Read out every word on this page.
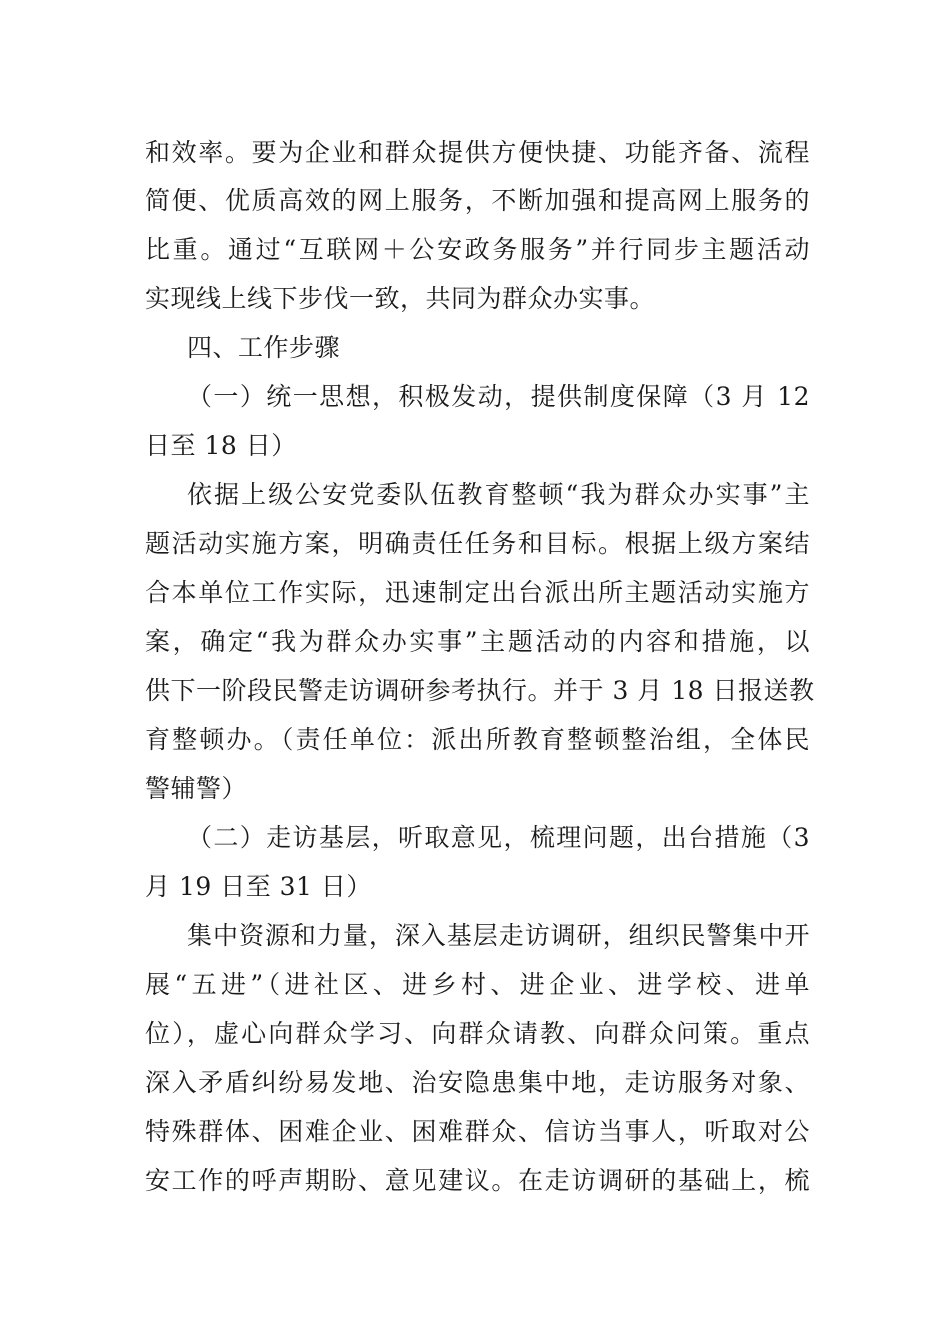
和效率。要为企业和群众提供方便快捷、功能齐备、流程
简便、优质高效的网上服务，不断加强和提高网上服务的
比重。通过“互联网＋公安政务服务”并行同步主题活动
实现线上线下步伐一致，共同为群众办实事。
四、工作步骤
（一）统一思想，积极发动，提供制度保障（3 月 12
日至 18 日）
依据上级公安党委队伍教育整顿“我为群众办实事”主
题活动实施方案，明确责任任务和目标。根据上级方案结
合本单位工作实际，迅速制定出台派出所主题活动实施方
案，确定“我为群众办实事”主题活动的内容和措施，以
供下一阶段民警走访调研参考执行。并于 3 月 18 日报送教
育整顿办。（责任单位：派出所教育整顿整治组，全体民
警辅警）
（二）走访基层，听取意见，梳理问题，出台措施（3
月 19 日至 31 日）
集中资源和力量，深入基层走访调研，组织民警集中开
展“五进”（进社区、进乡村、进企业、进学校、进单
位），虚心向群众学习、向群众请教、向群众问策。重点
深入矛盾纠纷易发地、治安隐患集中地，走访服务对象、
特殊群体、困难企业、困难群众、信访当事人，听取对公
安工作的呼声期盼、意见建议。在走访调研的基础上，梳
